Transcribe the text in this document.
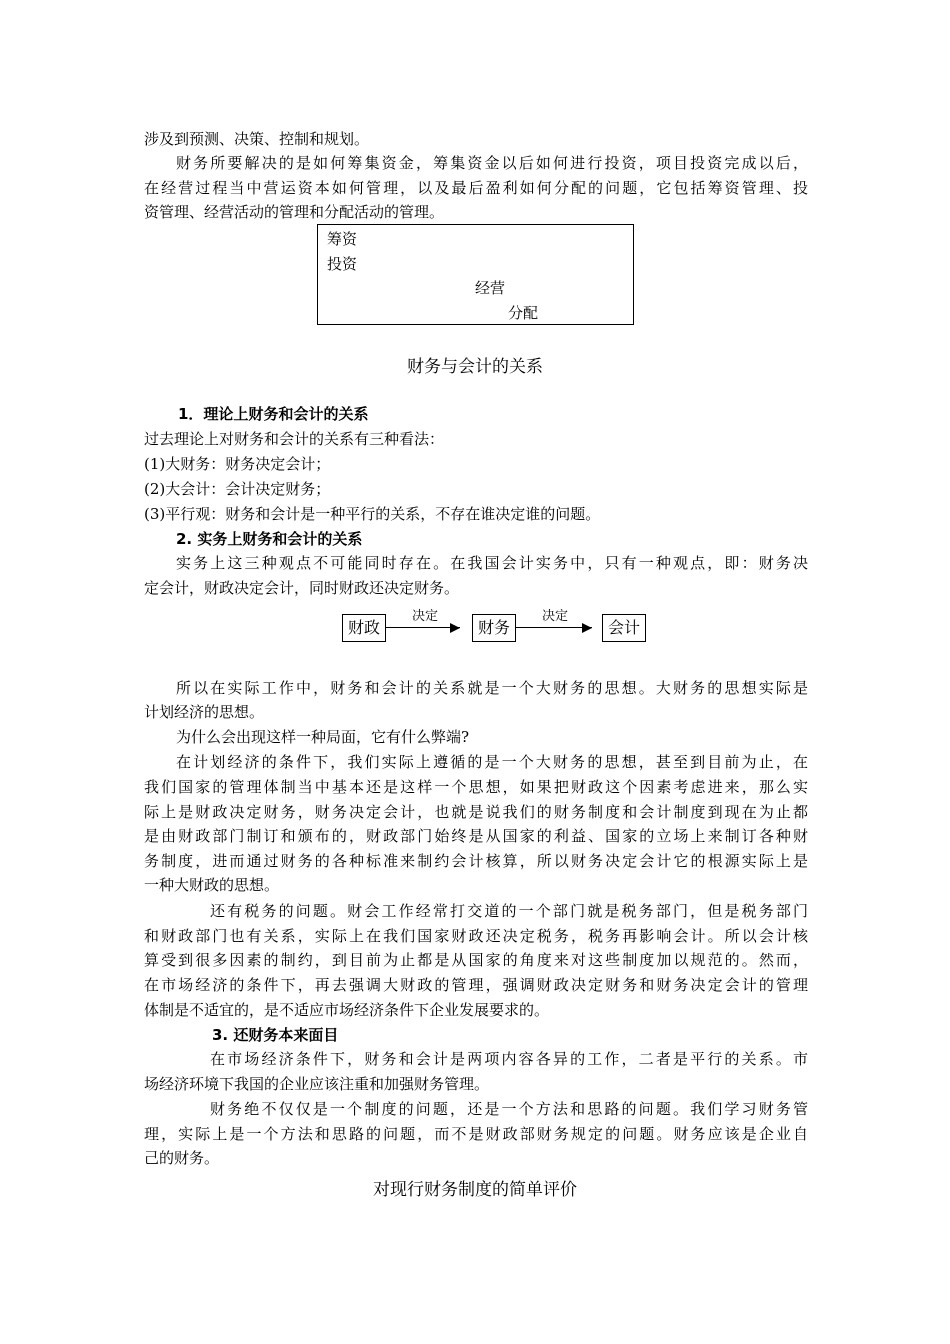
涉及到预测、决策、控制和规划。
财务所要解决的是如何筹集资金，筹集资金以后如何进行投资，项目投资完成以后，
在经营过程当中营运资本如何管理，以及最后盈利如何分配的问题，它包括筹资管理、投
资管理、经营活动的管理和分配活动的管理。
筹资
投资
经营
分配
财务与会计的关系
1．理论上财务和会计的关系
过去理论上对财务和会计的关系有三种看法：
(1)大财务：财务决定会计；
(2)大会计：会计决定财务；
(3)平行观：财务和会计是一种平行的关系，不存在谁决定谁的问题。
2. 实务上财务和会计的关系
实务上这三种观点不可能同时存在。在我国会计实务中，只有一种观点，即：财务决
定会计，财政决定会计，同时财政还决定财务。
财政
决定
财务
决定
会计
所以在实际工作中，财务和会计的关系就是一个大财务的思想。大财务的思想实际是
计划经济的思想。
为什么会出现这样一种局面，它有什么弊端?
在计划经济的条件下，我们实际上遵循的是一个大财务的思想，甚至到目前为止，在
我们国家的管理体制当中基本还是这样一个思想，如果把财政这个因素考虑进来，那么实
际上是财政决定财务，财务决定会计，也就是说我们的财务制度和会计制度到现在为止都
是由财政部门制订和颁布的，财政部门始终是从国家的利益、国家的立场上来制订各种财
务制度，进而通过财务的各种标准来制约会计核算，所以财务决定会计它的根源实际上是
一种大财政的思想。
还有税务的问题。财会工作经常打交道的一个部门就是税务部门，但是税务部门
和财政部门也有关系，实际上在我们国家财政还决定税务，税务再影响会计。所以会计核
算受到很多因素的制约，到目前为止都是从国家的角度来对这些制度加以规范的。然而，
在市场经济的条件下，再去强调大财政的管理，强调财政决定财务和财务决定会计的管理
体制是不适宜的，是不适应市场经济条件下企业发展要求的。
3. 还财务本来面目
在市场经济条件下，财务和会计是两项内容各异的工作，二者是平行的关系。市
场经济环境下我国的企业应该注重和加强财务管理。
财务绝不仅仅是一个制度的问题，还是一个方法和思路的问题。我们学习财务管
理，实际上是一个方法和思路的问题，而不是财政部财务规定的问题。财务应该是企业自
己的财务。
对现行财务制度的简单评价
